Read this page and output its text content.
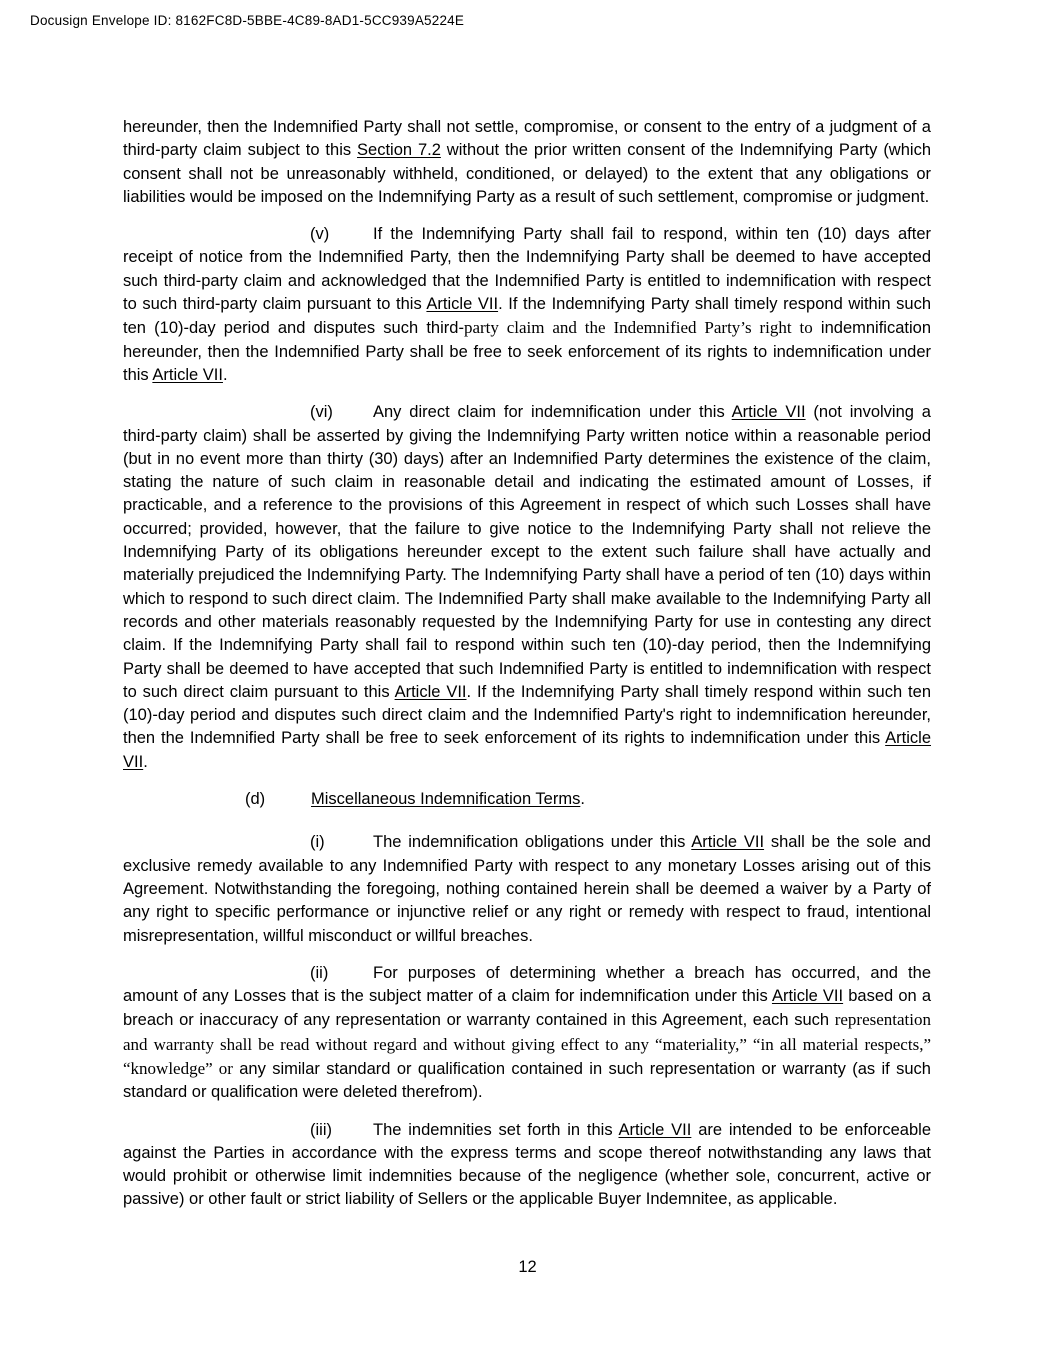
Docusign Envelope ID: 8162FC8D-5BBE-4C89-8AD1-5CC939A5224E

hereunder, then the Indemnified Party shall not settle, compromise, or consent to the entry of a judgment of a third-party claim subject to this Section 7.2 without the prior written consent of the Indemnifying Party (which consent shall not be unreasonably withheld, conditioned, or delayed) to the extent that any obligations or liabilities would be imposed on the Indemnifying Party as a result of such settlement, compromise or judgment.

(v)	If the Indemnifying Party shall fail to respond, within ten (10) days after receipt of notice from the Indemnified Party, then the Indemnifying Party shall be deemed to have accepted such third-party claim and acknowledged that the Indemnified Party is entitled to indemnification with respect to such third-party claim pursuant to this Article VII. If the Indemnifying Party shall timely respond within such ten (10)-day period and disputes such third-party claim and the Indemnified Party’s right to indemnification hereunder, then the Indemnified Party shall be free to seek enforcement of its rights to indemnification under this Article VII.

(vi) Any direct claim for indemnification under this Article VII (not involving a third-party claim) shall be asserted by giving the Indemnifying Party written notice within a reasonable period (but in no event more than thirty (30) days) after an Indemnified Party determines the existence of the claim, stating the nature of such claim in reasonable detail and indicating the estimated amount of Losses, if practicable, and a reference to the provisions of this Agreement in respect of which such Losses shall have occurred; provided, however, that the failure to give notice to the Indemnifying Party shall not relieve the Indemnifying Party of its obligations hereunder except to the extent such failure shall have actually and materially prejudiced the Indemnifying Party. The Indemnifying Party shall have a period of ten (10) days within which to respond to such direct claim. The Indemnified Party shall make available to the Indemnifying Party all records and other materials reasonably requested by the Indemnifying Party for use in contesting any direct claim. If the Indemnifying Party shall fail to respond within such ten (10)-day period, then the Indemnifying Party shall be deemed to have accepted that such Indemnified Party is entitled to indemnification with respect to such direct claim pursuant to this Article VII. If the Indemnifying Party shall timely respond within such ten (10)-day period and disputes such direct claim and the Indemnified Party's right to indemnification hereunder, then the Indemnified Party shall be free to seek enforcement of its rights to indemnification under this Article VII.

(d)	Miscellaneous Indemnification Terms.

(i)	The indemnification obligations under this Article VII shall be the sole and exclusive remedy available to any Indemnified Party with respect to any monetary Losses arising out of this Agreement. Notwithstanding the foregoing, nothing contained herein shall be deemed a waiver by a Party of any right to specific performance or injunctive relief or any right or remedy with respect to fraud, intentional misrepresentation, willful misconduct or willful breaches.

(ii)	For purposes of determining whether a breach has occurred, and the amount of any Losses that is the subject matter of a claim for indemnification under this Article VII based on a breach or inaccuracy of any representation or warranty contained in this Agreement, each such representation and warranty shall be read without regard and without giving effect to any “materiality,” “in all material respects,” “knowledge” or any similar standard or qualification contained in such representation or warranty (as if such standard or qualification were deleted therefrom).

(iii) The indemnities set forth in this Article VII are intended to be enforceable against the Parties in accordance with the express terms and scope thereof notwithstanding any laws that would prohibit or otherwise limit indemnities because of the negligence (whether sole, concurrent, active or passive) or other fault or strict liability of Sellers or the applicable Buyer Indemnitee, as applicable.

12
